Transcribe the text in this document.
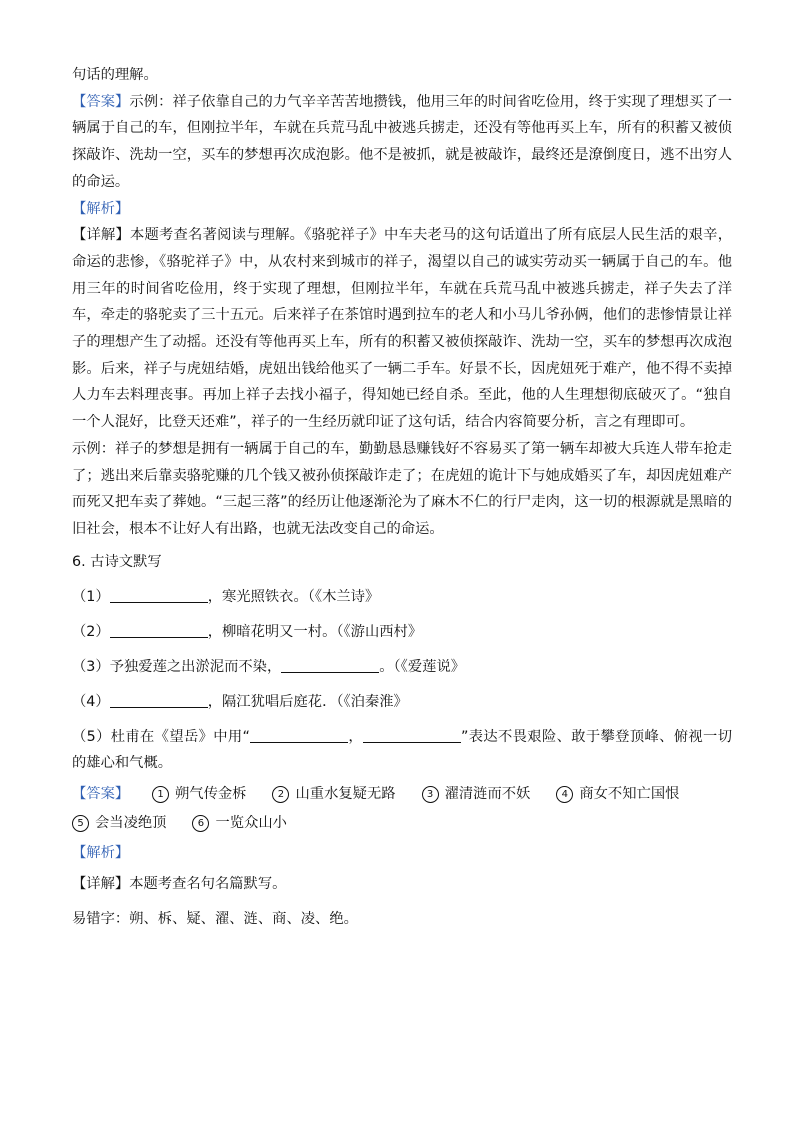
句话的理解。

【答案】示例：祥子依靠自己的力气辛辛苦苦地攒钱，他用三年的时间省吃俭用，终于实现了理想买了一辆属于自己的车，但刚拉半年，车就在兵荒马乱中被逃兵掳走，还没有等他再买上车，所有的积蓄又被侦探敲诈、洗劫一空，买车的梦想再次成泡影。他不是被抓，就是被敲诈，最终还是潦倒度日，逃不出穷人的命运。

【解析】

【详解】本题考查名著阅读与理解。《骆驼祥子》中车夫老马的这句话道出了所有底层人民生活的艰辛，命运的悲惨，《骆驼祥子》中，从农村来到城市的祥子，渴望以自己的诚实劳动买一辆属于自己的车。他用三年的时间省吃俭用，终于实现了理想，但刚拉半年，车就在兵荒马乱中被逃兵掳走，祥子失去了洋车，牵走的骆驼卖了三十五元。后来祥子在茶馆时遇到拉车的老人和小马儿爷孙俩，他们的悲惨情景让祥子的理想产生了动摇。还没有等他再买上车，所有的积蓄又被侦探敲诈、洗劫一空，买车的梦想再次成泡影。后来，祥子与虎妞结婚，虎妞出钱给他买了一辆二手车。好景不长，因虎妞死于难产，他不得不卖掉人力车去料理丧事。再加上祥子去找小福子，得知她已经自杀。至此，他的人生理想彻底破灭了。“独自一个人混好，比登天还难”，祥子的一生经历就印证了这句话，结合内容简要分析，言之有理即可。

示例：祥子的梦想是拥有一辆属于自己的车，勤勤恳恳赚钱好不容易买了第一辆车却被大兵连人带车抢走了；逃出来后靠卖骆驼赚的几个钱又被孙侦探敲诈走了；在虎妞的诡计下与她成婚买了车，却因虎妞难产而死又把车卖了葬她。“三起三落”的经历让他逐渐沦为了麻木不仁的行尸走肉，这一切的根源就是黑暗的旧社会，根本不让好人有出路，也就无法改变自己的命运。

6. 古诗文默写

（1）	，寒光照铁衣。（《木兰诗》

（2）	，柳暗花明又一村。（《游山西村》

（3）予独爱莲之出淤泥而不染，	。（《爱莲说》

（4）	，隔江犹唱后庭花．（《泊秦淮》

（5）杜甫在《望岳》中用“	，	”表达不畏艰险、敢于攀登顶峰、俯视一切的雄心和气概。

【答案】	1 朔气传金柝	2 山重水复疑无路	3 濯清涟而不妖	4 商女不知亡国恨
5 会当凌绝顶	6 一览众山小

【解析】

【详解】本题考查名句名篇默写。

易错字：朔、柝、疑、濯、涟、商、凌、绝。
